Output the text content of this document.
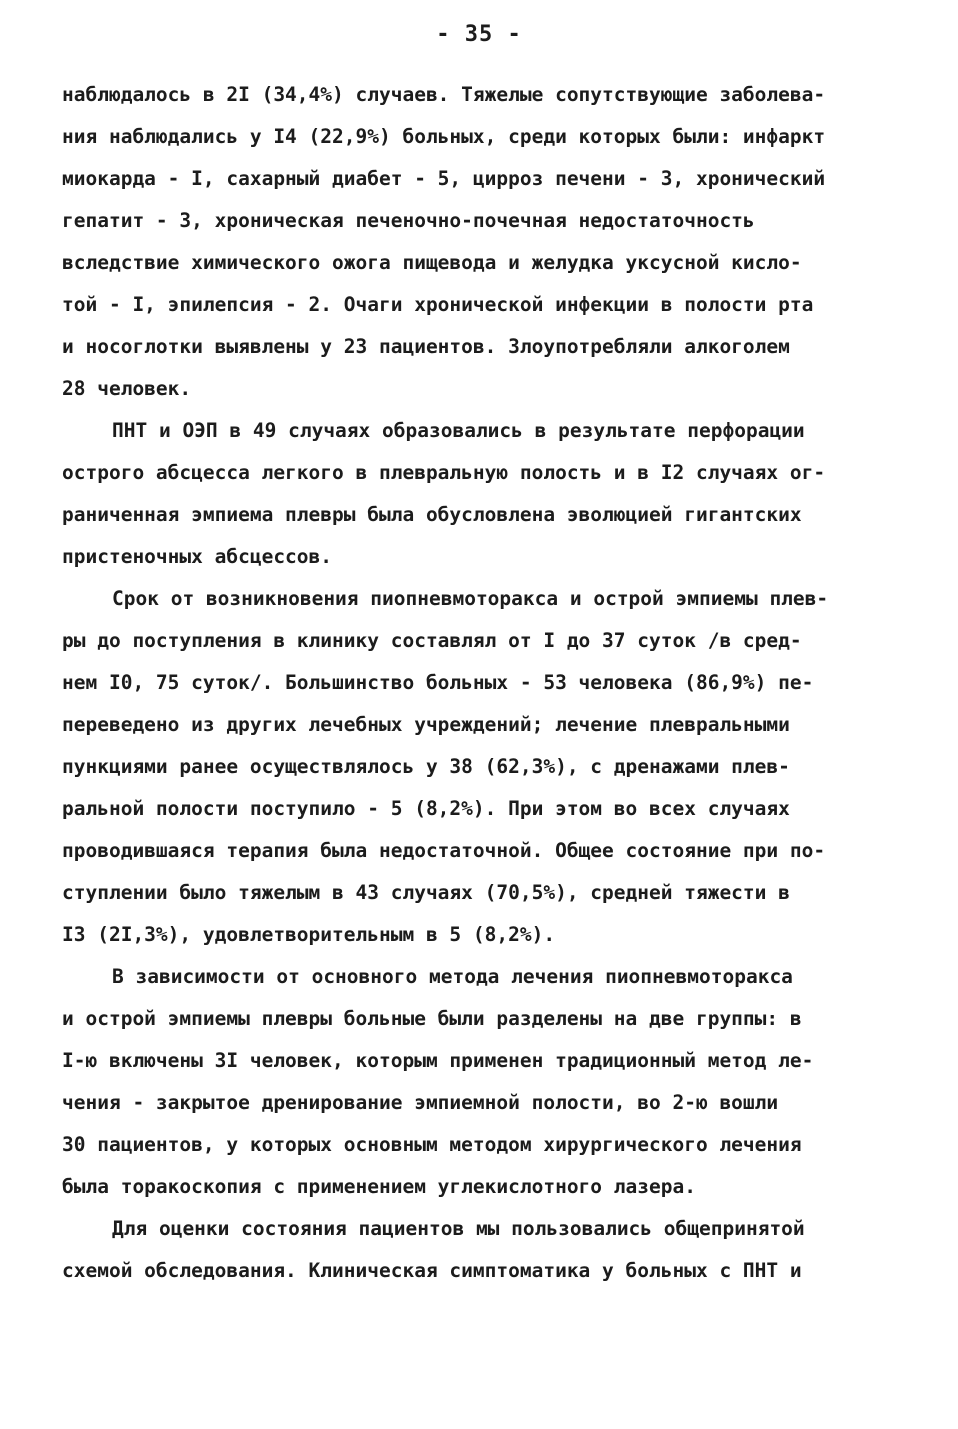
- 35 -
наблюдалось в 2I (34,4%) случаев. Тяжелые сопутствующие заболева-
ния наблюдались у I4 (22,9%) больных, среди которых были: инфаркт
миокарда - I, сахарный диабет - 5, цирроз печени - 3, хронический
гепатит - 3, хроническая печеночно-почечная недостаточность
вследствие химического ожога пищевода и желудка уксусной кисло-
той - I, эпилепсия - 2. Очаги хронической инфекции в полости рта
и носоглотки выявлены у 23 пациентов. Злоупотребляли алкоголем
28 человек.
ПНТ и ОЭП в 49 случаях образовались в результате перфорации
острого абсцесса легкого в плевральную полость и в I2 случаях ог-
раниченная эмпиема плевры была обусловлена эволюцией гигантских
пристеночных абсцессов.
Срок от возникновения пиопневмоторакса и острой эмпиемы плев-
ры до поступления в клинику составлял от I до 37 суток /в сред-
нем I0, 75 суток/. Большинство больных - 53 человека (86,9%) пе-
переведено из других лечебных учреждений; лечение плевральными
пункциями ранее осуществлялось у 38 (62,3%), с дренажами плев-
ральной полости поступило - 5 (8,2%). При этом во всех случаях
проводившаяся терапия была недостаточной. Общее состояние при по-
ступлении было тяжелым в 43 случаях (70,5%), средней тяжести в
I3 (2I,3%), удовлетворительным в 5 (8,2%).
В зависимости от основного метода лечения пиопневмоторакса
и острой эмпиемы плевры больные были разделены на две группы: в
I-ю включены 3I человек, которым применен традиционный метод ле-
чения - закрытое дренирование эмпиемной полости, во 2-ю вошли
30 пациентов, у которых основным методом хирургического лечения
была торакоскопия с применением углекислотного лазера.
Для оценки состояния пациентов мы пользовались общепринятой
схемой обследования. Клиническая симптоматика у больных с ПНТ и
